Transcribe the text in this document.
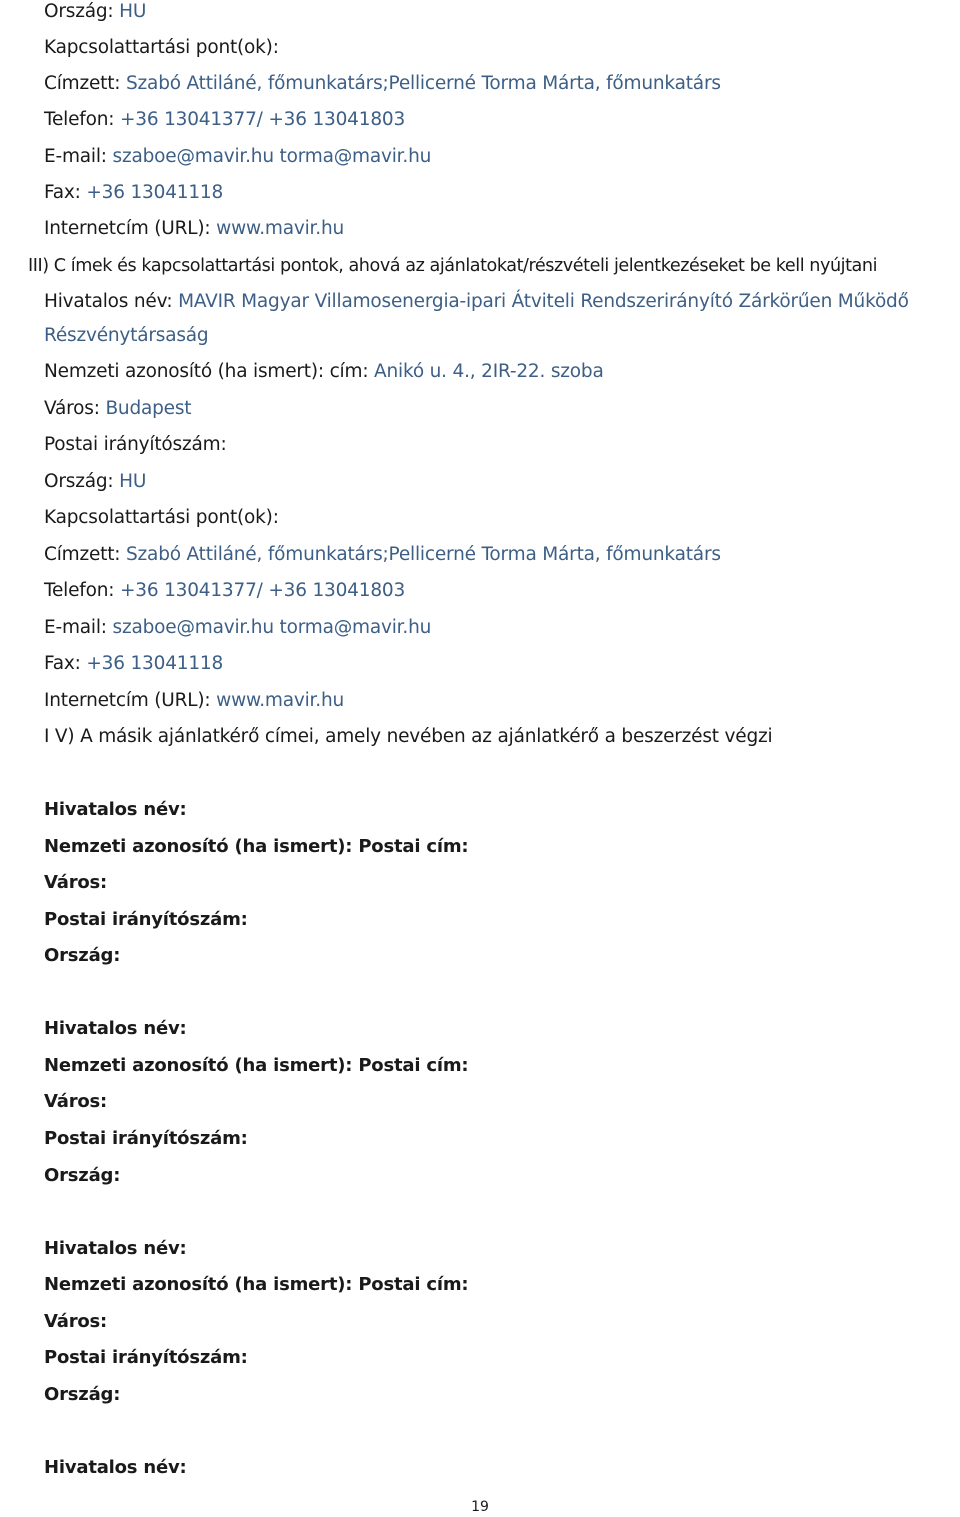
Ország: HU
Kapcsolattartási pont(ok):
Címzett: Szabó Attiláné, főmunkatárs;Pellicerné Torma Márta, főmunkatárs
Telefon: +36 13041377/ +36 13041803
E-mail: szaboe@mavir.hu torma@mavir.hu
Fax: +36 13041118
Internetcím (URL): www.mavir.hu
III) C ímek és kapcsolattartási pontok, ahová az ajánlatokat/részvételi jelentkezéseket be kell nyújtani
Hivatalos név: MAVIR Magyar Villamosenergia-ipari Átviteli Rendszerirányító Zárkörűen Működő
Részvénytársaság
Nemzeti azonosító (ha ismert): cím: Anikó u. 4., 2IR-22. szoba
Város: Budapest
Postai irányítószám:
Ország: HU
Kapcsolattartási pont(ok):
Címzett: Szabó Attiláné, főmunkatárs;Pellicerné Torma Márta, főmunkatárs
Telefon: +36 13041377/ +36 13041803
E-mail: szaboe@mavir.hu torma@mavir.hu
Fax: +36 13041118
Internetcím (URL): www.mavir.hu
I V) A másik ajánlatkérő címei, amely nevében az ajánlatkérő a beszerzést végzi
Hivatalos név:
Nemzeti azonosító (ha ismert): Postai cím:
Város:
Postai irányítószám:
Ország:
Hivatalos név:
Nemzeti azonosító (ha ismert): Postai cím:
Város:
Postai irányítószám:
Ország:
Hivatalos név:
Nemzeti azonosító (ha ismert): Postai cím:
Város:
Postai irányítószám:
Ország:
Hivatalos név:
19
